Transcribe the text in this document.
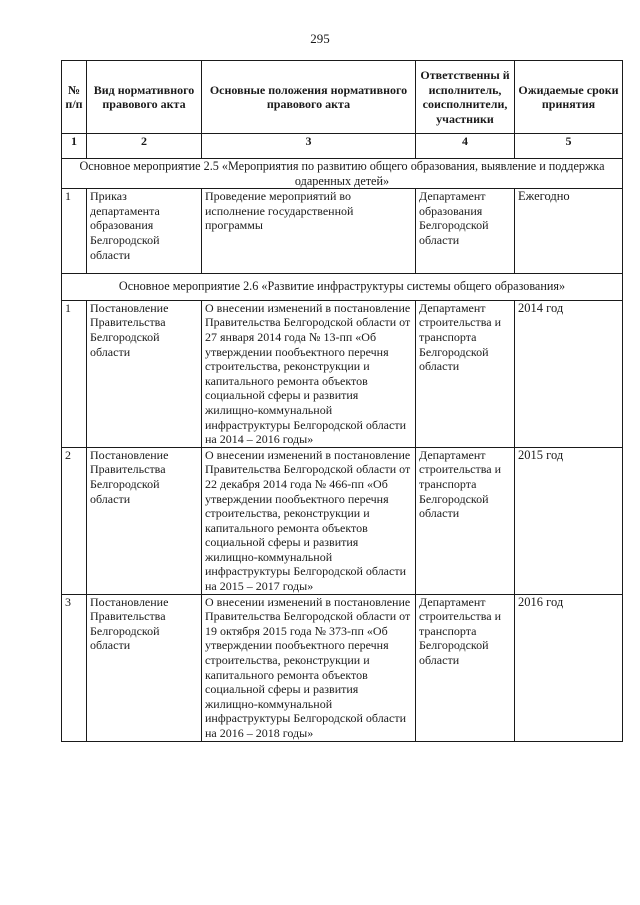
295
№ п/п	Вид нормативного правового акта	Основные положения нормативного правового акта	Ответственны й исполнитель, соисполнители, участники	Ожидаемые сроки принятия
1	2	3	4	5
Основное мероприятие 2.5 «Мероприятия по развитию общего образования, выявление и поддержка одаренных детей»				
1	Приказ департамента образования Белгородской области	Проведение мероприятий во исполнение государственной программы	Департамент образования Белгородской области	Ежегодно
Основное мероприятие 2.6 «Развитие инфраструктуры системы общего образования»				
1	Постановление Правительства Белгородской области	О внесении изменений в постановление Правительства Белгородской области от 27 января 2014 года № 13-пп «Об утверждении пообъектного перечня строительства, реконструкции и капитального ремонта объектов социальной сферы и развития жилищно-коммунальной инфраструктуры Белгородской области на 2014 – 2016 годы»	Департамент строительства и транспорта Белгородской области	2014 год
2	Постановление Правительства Белгородской области	О внесении изменений в постановление Правительства Белгородской области от 22 декабря 2014 года № 466-пп «Об утверждении пообъектного перечня строительства, реконструкции и капитального ремонта объектов социальной сферы и развития жилищно-коммунальной инфраструктуры Белгородской области на 2015 – 2017 годы»	Департамент строительства и транспорта Белгородской области	2015 год
3	Постановление Правительства Белгородской области	О внесении изменений в постановление Правительства Белгородской области от 19 октября 2015 года № 373-пп «Об утверждении пообъектного перечня строительства, реконструкции и капитального ремонта объектов социальной сферы и развития жилищно-коммунальной инфраструктуры Белгородской области на 2016 – 2018 годы»	Департамент строительства и транспорта Белгородской области	2016 год
